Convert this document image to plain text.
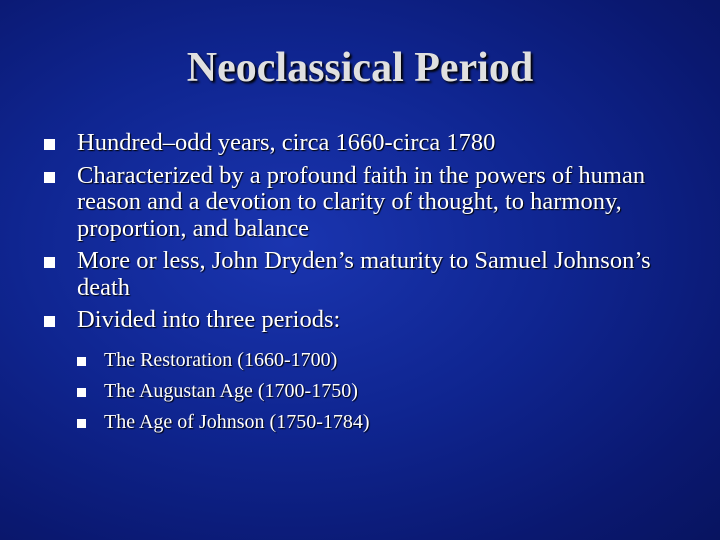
Neoclassical Period
Hundred–odd years, circa 1660-circa 1780
Characterized by a profound faith in the powers of human reason and a devotion to clarity of thought, to harmony, proportion, and balance
More or less, John Dryden’s maturity to Samuel Johnson’s death
Divided into three periods:
The Restoration (1660-1700)
The Augustan Age (1700-1750)
The Age of Johnson (1750-1784)
